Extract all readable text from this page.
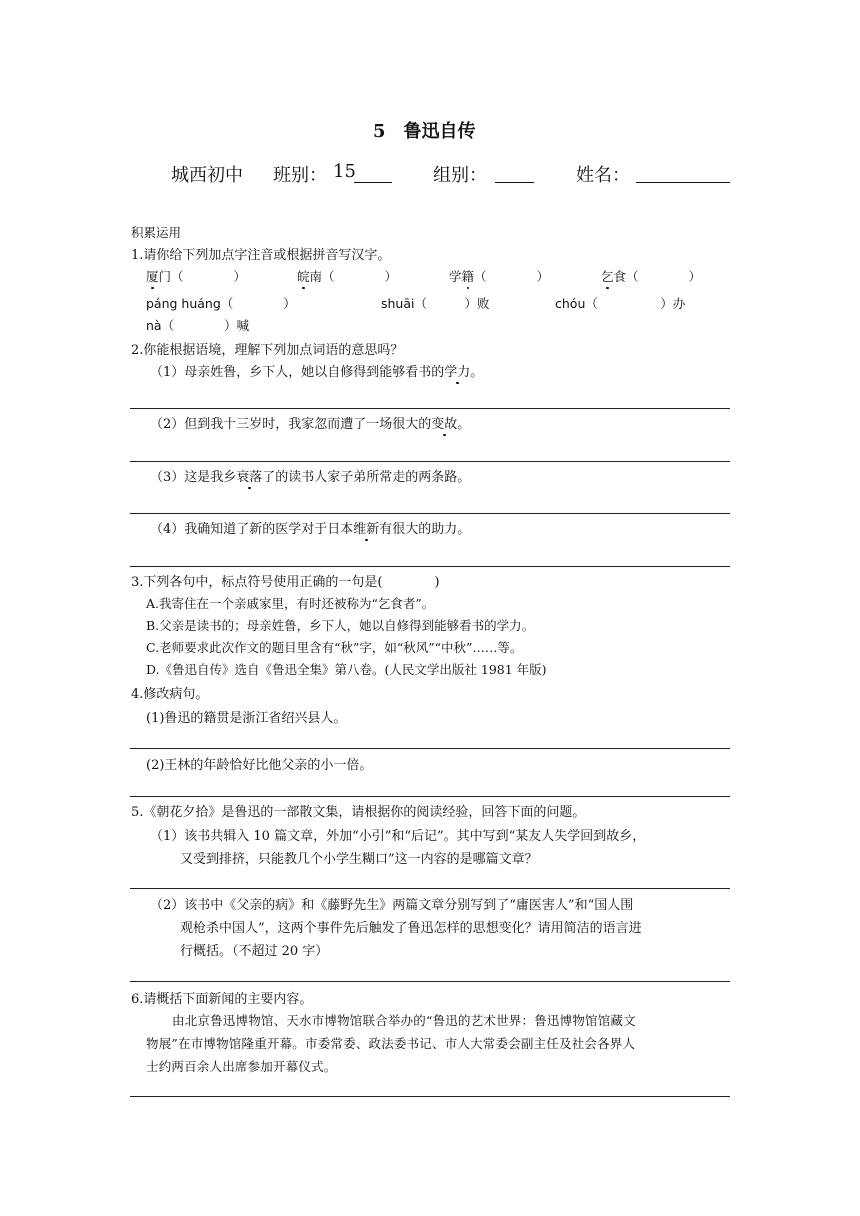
5　鲁迅自传
城西初中 班别： 15	组别：	姓名：
积累运用
1.请你给下列加点字注音或根据拼音写汉字。
厦门（　　　　）	皖南（　　　　）	学籍（　　　　）	乞食（　　　　）
páng huáng（　　　　）	shuāi（　　　）败	chóu（　　　　　）办
nà（　　　　）喊
2.你能根据语境，理解下列加点词语的意思吗？
（1）母亲姓鲁，乡下人，她以自修得到能够看书的学力。
（2）但到我十三岁时，我家忽而遭了一场很大的变故。
（3）这是我乡衰落了的读书人家子弟所常走的两条路。
（4）我确知道了新的医学对于日本维新有很大的助力。
3.下列各句中，标点符号使用正确的一句是(　　　　)
A.我寄住在一个亲戚家里，有时还被称为“乞食者”。
B.父亲是读书的；母亲姓鲁，乡下人，她以自修得到能够看书的学力。
C.老师要求此次作文的题目里含有“秋”字，如“秋风”“中秋”……等。
D.《鲁迅自传》选自《鲁迅全集》第八卷。(人民文学出版社 1981 年版)
4.修改病句。
(1)鲁迅的籍贯是浙江省绍兴县人。
(2)王林的年龄恰好比他父亲的小一倍。
5.《朝花夕拾》是鲁迅的一部散文集，请根据你的阅读经验，回答下面的问题。
（1）该书共辑入 10 篇文章，外加“小引”和“后记”。其中写到“某友人失学回到故乡，
又受到排挤，只能教几个小学生糊口”这一内容的是哪篇文章？
（2）该书中《父亲的病》和《藤野先生》两篇文章分别写到了“庸医害人”和“国人围
观枪杀中国人”，这两个事件先后触发了鲁迅怎样的思想变化？请用简洁的语言进
行概括。（不超过 20 字）
6.请概括下面新闻的主要内容。
由北京鲁迅博物馆、天水市博物馆联合举办的“鲁迅的艺术世界：鲁迅博物馆馆藏文
物展”在市博物馆隆重开幕。市委常委、政法委书记、市人大常委会副主任及社会各界人
士约两百余人出席参加开幕仪式。
